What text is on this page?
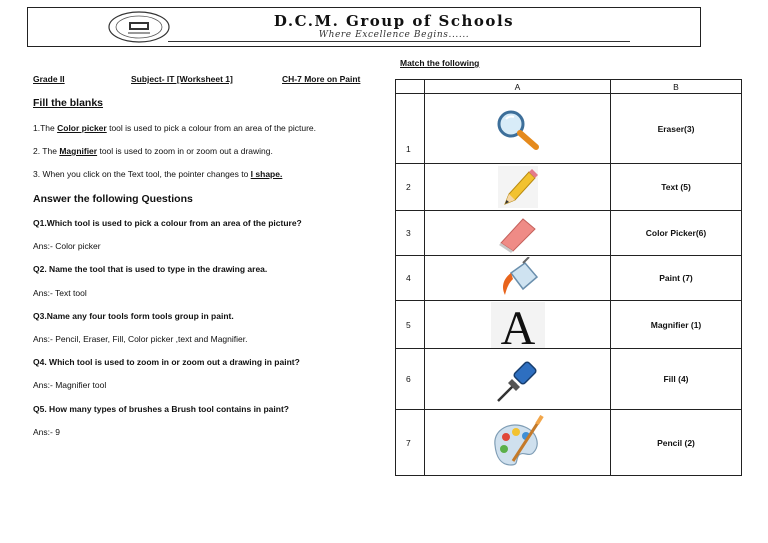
D.C.M. Group of Schools
Where Excellence Begins......
Grade II	Subject- IT [Worksheet 1]	CH-7 More on Paint
Fill the blanks
1.The Color picker tool is used to pick a colour from an area of the picture.
2. The Magnifier tool is used to zoom in or zoom out a drawing.
3. When you click on the Text tool, the pointer changes to I shape.
Answer the following Questions
Q1.Which tool is used to pick a colour from an area of the picture?
Ans:- Color picker
Q2. Name the tool that is used to type in the drawing area.
Ans:- Text tool
Q3.Name any four tools form tools group in paint.
Ans:- Pencil, Eraser, Fill, Color picker ,text and Magnifier.
Q4. Which tool is used to zoom in or zoom out a drawing in paint?
Ans:- Magnifier tool
Q5. How many types of brushes a Brush tool contains in paint?
Ans:- 9
Match the following
	A	B
1		Eraser(3)
2		Text (5)
3		Color Picker(6)
4		Paint (7)
5	A	Magnifier (1)
6		Fill (4)
7		Pencil (2)
